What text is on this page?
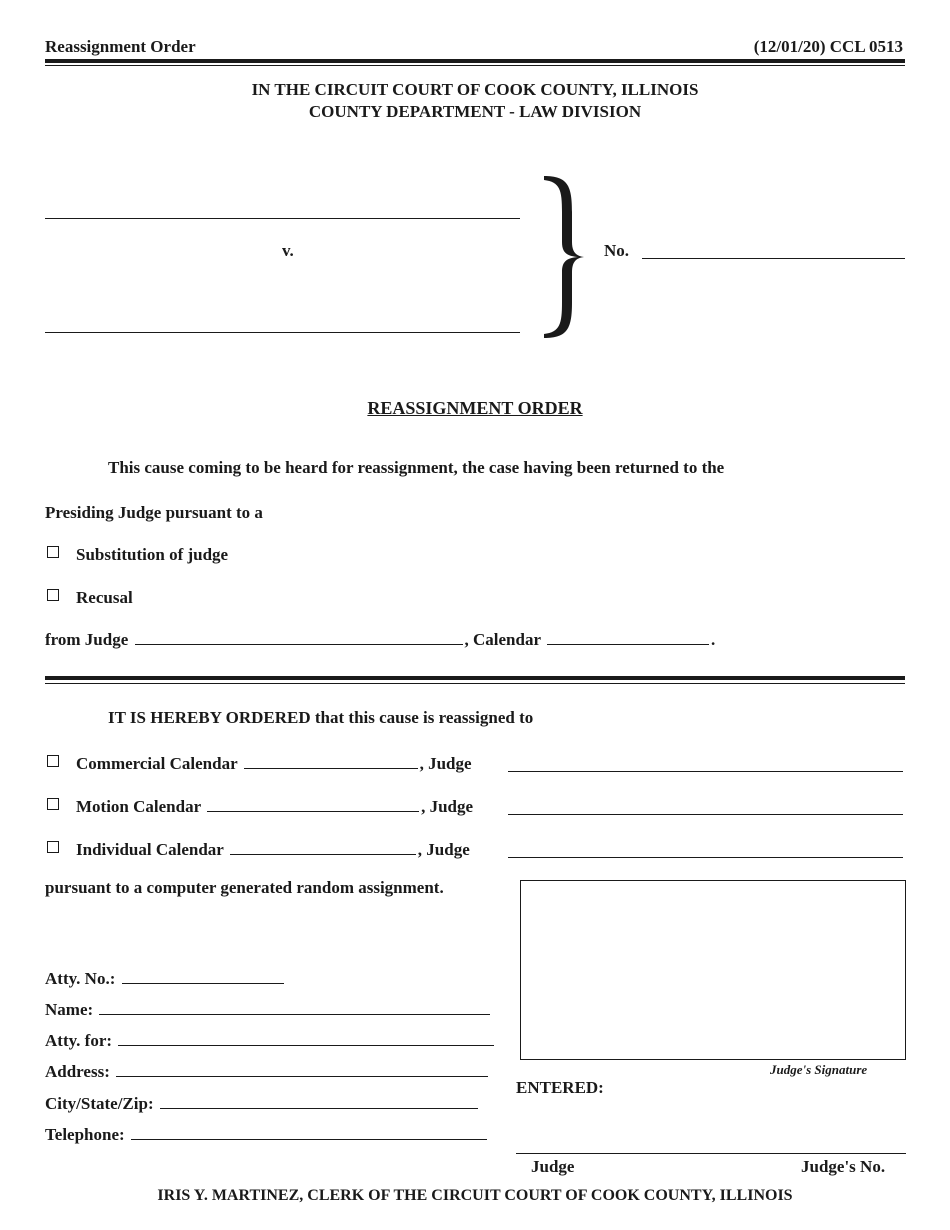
Reassignment Order	(12/01/20) CCL 0513
IN THE CIRCUIT COURT OF COOK COUNTY, ILLINOIS
COUNTY DEPARTMENT - LAW DIVISION
v.	No.
REASSIGNMENT ORDER
This cause coming to be heard for reassignment, the case having been returned to the
Presiding Judge pursuant to a
Substitution of judge
Recusal
from Judge	, Calendar	.
IT IS HEREBY ORDERED that this cause is reassigned to
Commercial Calendar	, Judge
Motion Calendar	, Judge
Individual Calendar	, Judge
pursuant to a computer generated random assignment.
Atty. No.:
Name:
Atty. for:
Address:
City/State/Zip:
Telephone:
Judge's Signature
ENTERED:
Judge	Judge's No.
IRIS Y. MARTINEZ, CLERK OF THE CIRCUIT COURT OF COOK COUNTY, ILLINOIS
